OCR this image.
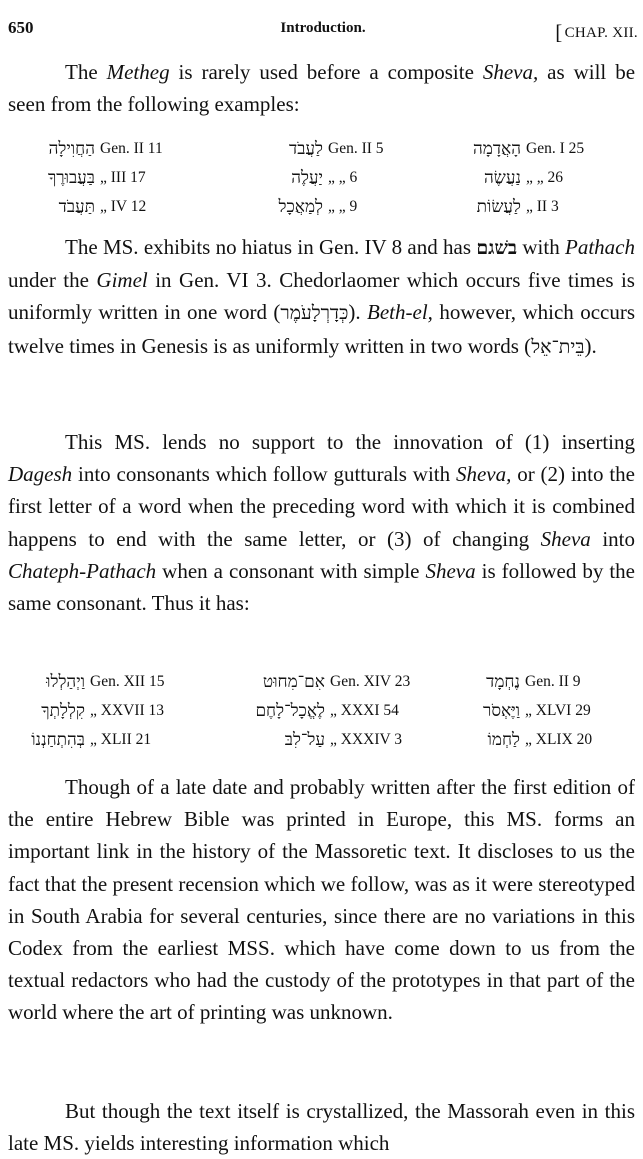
650	Introduction.	[ CHAP. XII.

The Metheg is rarely used before a composite Sheva, as will be seen from the following examples:

הַחֲוִילָה	Gen. II 11	לַעֲבֹד	Gen. II 5	הָאֲדָמָה	Gen. I 25
בַּעֲבוּרֶךָ	„ III 17	יַעֲלֶה	„ „ 6	נַעֲשֶׂה	„ „ 26
תַּעֲבֹד	„ IV 12	לְמַאֲכָל	„ „ 9	לַעֲשׂוֹת	„ II 3

The MS. exhibits no hiatus in Gen. IV 8 and has בשׁגם with Pathach under the Gimel in Gen. VI 3. Chedorlaomer which occurs five times is uniformly written in one word (כְּדָרְלָעֹמֶר). Beth-el, however, which occurs twelve times in Genesis is as uniformly written in two words (בֵּית־אֵל).

This MS. lends no support to the innovation of (1) inserting Dagesh into consonants which follow gutturals with Sheva, or (2) into the first letter of a word when the preceding word with which it is combined happens to end with the same letter, or (3) of changing Sheva into Chateph-Pathach when a consonant with simple Sheva is followed by the same consonant. Thus it has:

וַיְהַלְלוּ	Gen. XII 15	אִם־מִחוּט	Gen. XIV 23	נֶחְמָד	Gen. II 9
קִלְלָתְךָ	„ XXVII 13	לֶאֱכָל־לָחֶם	„ XXXI 54	וַיֶּאְסֹר	„ XLVI 29
בְּהִתְחַנְנוֹ	„ XLII 21	עַל־לִבּ	„ XXXIV 3	לַחְמוֹ	„ XLIX 20

Though of a late date and probably written after the first edition of the entire Hebrew Bible was printed in Europe, this MS. forms an important link in the history of the Massoretic text. It discloses to us the fact that the present recension which we follow, was as it were stereotyped in South Arabia for several centuries, since there are no variations in this Codex from the earliest MSS. which have come down to us from the textual redactors who had the custody of the prototypes in that part of the world where the art of printing was unknown.

But though the text itself is crystallized, the Massorah even in this late MS. yields interesting information which
